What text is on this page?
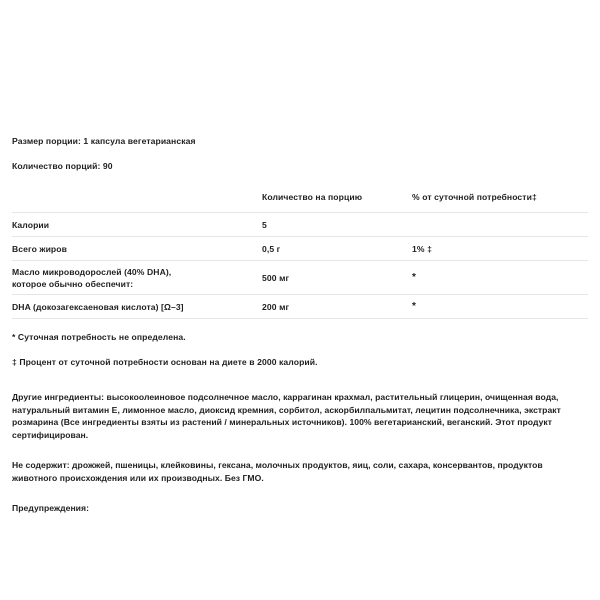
Размер порции: 1 капсула вегетарианская

Количество порций: 90

	Количество на порцию	% от суточной потребности‡
Калории	5	
Всего жиров	0,5 г	1% ‡

Масло микроводорослей (40% DHA),
которое обычно обеспечит:	500 мг	*
DHA (докозагексаеновая кислота) [Ω–3]	200 мг	*

* Суточная потребность не определена.

‡ Процент от суточной потребности основан на диете в 2000 калорий.

Другие ингредиенты: высокоолеиновое подсолнечное масло, каррагинан крахмал, растительный глицерин, очищенная вода, натуральный витамин Е, лимонное масло, диоксид кремния, сорбитол, аскорбилпальмитат, лецитин подсолнечника, экстракт розмарина (Все ингредиенты взяты из растений / минеральных источников). 100% вегетарианский, веганский. Этот продукт сертифицирован.

Не содержит: дрожжей, пшеницы, клейковины, гексана, молочных продуктов, яиц, соли, сахара, консервантов, продуктов животного происхождения или их производных. Без ГМО.

Предупреждения:
